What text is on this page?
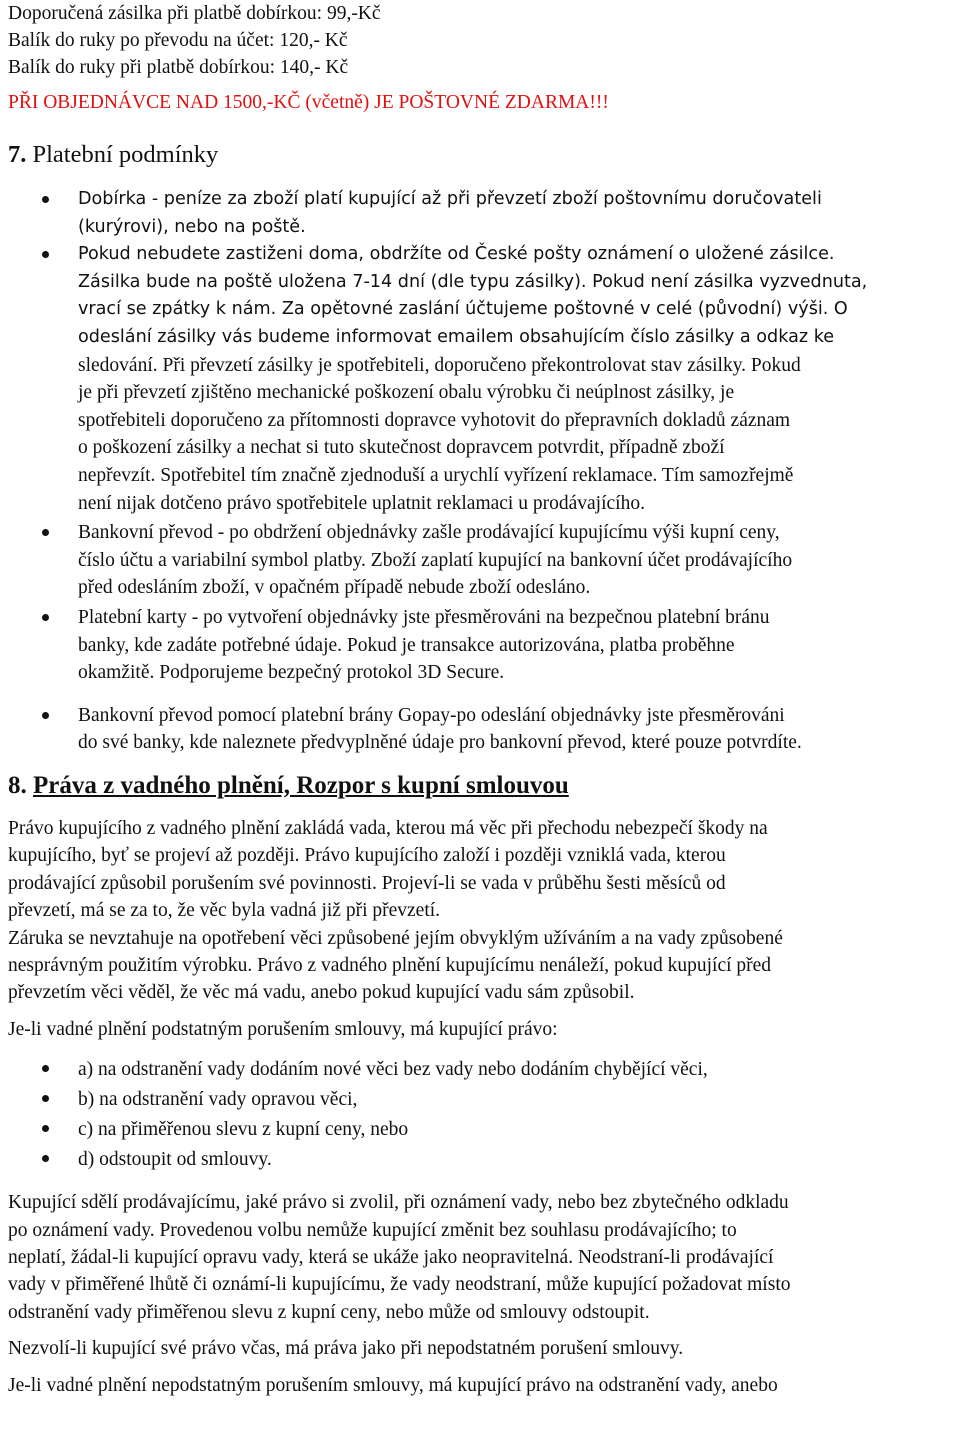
Doporučená zásilka při platbě dobírkou: 99,-Kč

Balík do ruky po převodu na účet: 120,- Kč

Balík do ruky při platbě dobírkou: 140,- Kč

PŘI OBJEDNÁVCE NAD 1500,-KČ (včetně) JE POŠTOVNÉ ZDARMA!!!

7. Platební podmínky

Dobírka - peníze za zboží platí kupující až při převzetí zboží poštovnímu doručovateli

(kurýrovi), nebo na poště.

Pokud nebudete zastiženi doma, obdržíte od České pošty oznámení o uložené zásilce.

Zásilka bude na poště uložena 7-14 dní (dle typu zásilky). Pokud není zásilka vyzvednuta,

vrací se zpátky k nám. Za opětovné zaslání účtujeme poštovné v celé (původní) výši. O

odeslání zásilky vás budeme informovat emailem obsahujícím číslo zásilky a odkaz ke

sledování. Při převzetí zásilky je spotřebiteli, doporučeno překontrolovat stav zásilky. Pokud

je při převzetí zjištěno mechanické poškození obalu výrobku či neúplnost zásilky, je

spotřebiteli doporučeno za přítomnosti dopravce vyhotovit do přepravních dokladů záznam

o poškození zásilky a nechat si tuto skutečnost dopravcem potvrdit, případně zboží

nepřevzít. Spotřebitel tím značně zjednoduší a urychlí vyřízení reklamace. Tím samozřejmě

není nijak dotčeno právo spotřebitele uplatnit reklamaci u prodávajícího.

Bankovní převod - po obdržení objednávky zašle prodávající kupujícímu výši kupní ceny,

číslo účtu a variabilní symbol platby. Zboží zaplatí kupující na bankovní účet prodávajícího

před odesláním zboží, v opačném případě nebude zboží odesláno.

Platební karty - po vytvoření objednávky jste přesměrováni na bezpečnou platební bránu

banky, kde zadáte potřebné údaje. Pokud je transakce autorizována, platba proběhne

okamžitě. Podporujeme bezpečný protokol 3D Secure.

Bankovní převod pomocí platební brány Gopay-po odeslání objednávky jste přesměrováni

do své banky, kde naleznete předvyplněné údaje pro bankovní převod, které pouze potvrdíte.

8. Práva z vadného plnění, Rozpor s kupní smlouvou

Právo kupujícího z vadného plnění zakládá vada, kterou má věc při přechodu nebezpečí škody na

kupujícího, byť se projeví až později. Právo kupujícího založí i později vzniklá vada, kterou

prodávající způsobil porušením své povinnosti. Projeví-li se vada v průběhu šesti měsíců od

převzetí, má se za to, že věc byla vadná již při převzetí.

Záruka se nevztahuje na opotřebení věci způsobené jejím obvyklým užíváním a na vady způsobené

nesprávným použitím výrobku. Právo z vadného plnění kupujícímu nenáleží, pokud kupující před

převzetím věci věděl, že věc má vadu, anebo pokud kupující vadu sám způsobil.

Je-li vadné plnění podstatným porušením smlouvy, má kupující právo:

a) na odstranění vady dodáním nové věci bez vady nebo dodáním chybějící věci,

b) na odstranění vady opravou věci,

c) na přiměřenou slevu z kupní ceny, nebo

d) odstoupit od smlouvy.

Kupující sdělí prodávajícímu, jaké právo si zvolil, při oznámení vady, nebo bez zbytečného odkladu

po oznámení vady. Provedenou volbu nemůže kupující změnit bez souhlasu prodávajícího; to

neplatí, žádal-li kupující opravu vady, která se ukáže jako neopravitelná. Neodstraní-li prodávající

vady v přiměřené lhůtě či oznámí-li kupujícímu, že vady neodstraní, může kupující požadovat místo

odstranění vady přiměřenou slevu z kupní ceny, nebo může od smlouvy odstoupit.

Nezvolí-li kupující své právo včas, má práva jako při nepodstatném porušení smlouvy.

Je-li vadné plnění nepodstatným porušením smlouvy, má kupující právo na odstranění vady, anebo
